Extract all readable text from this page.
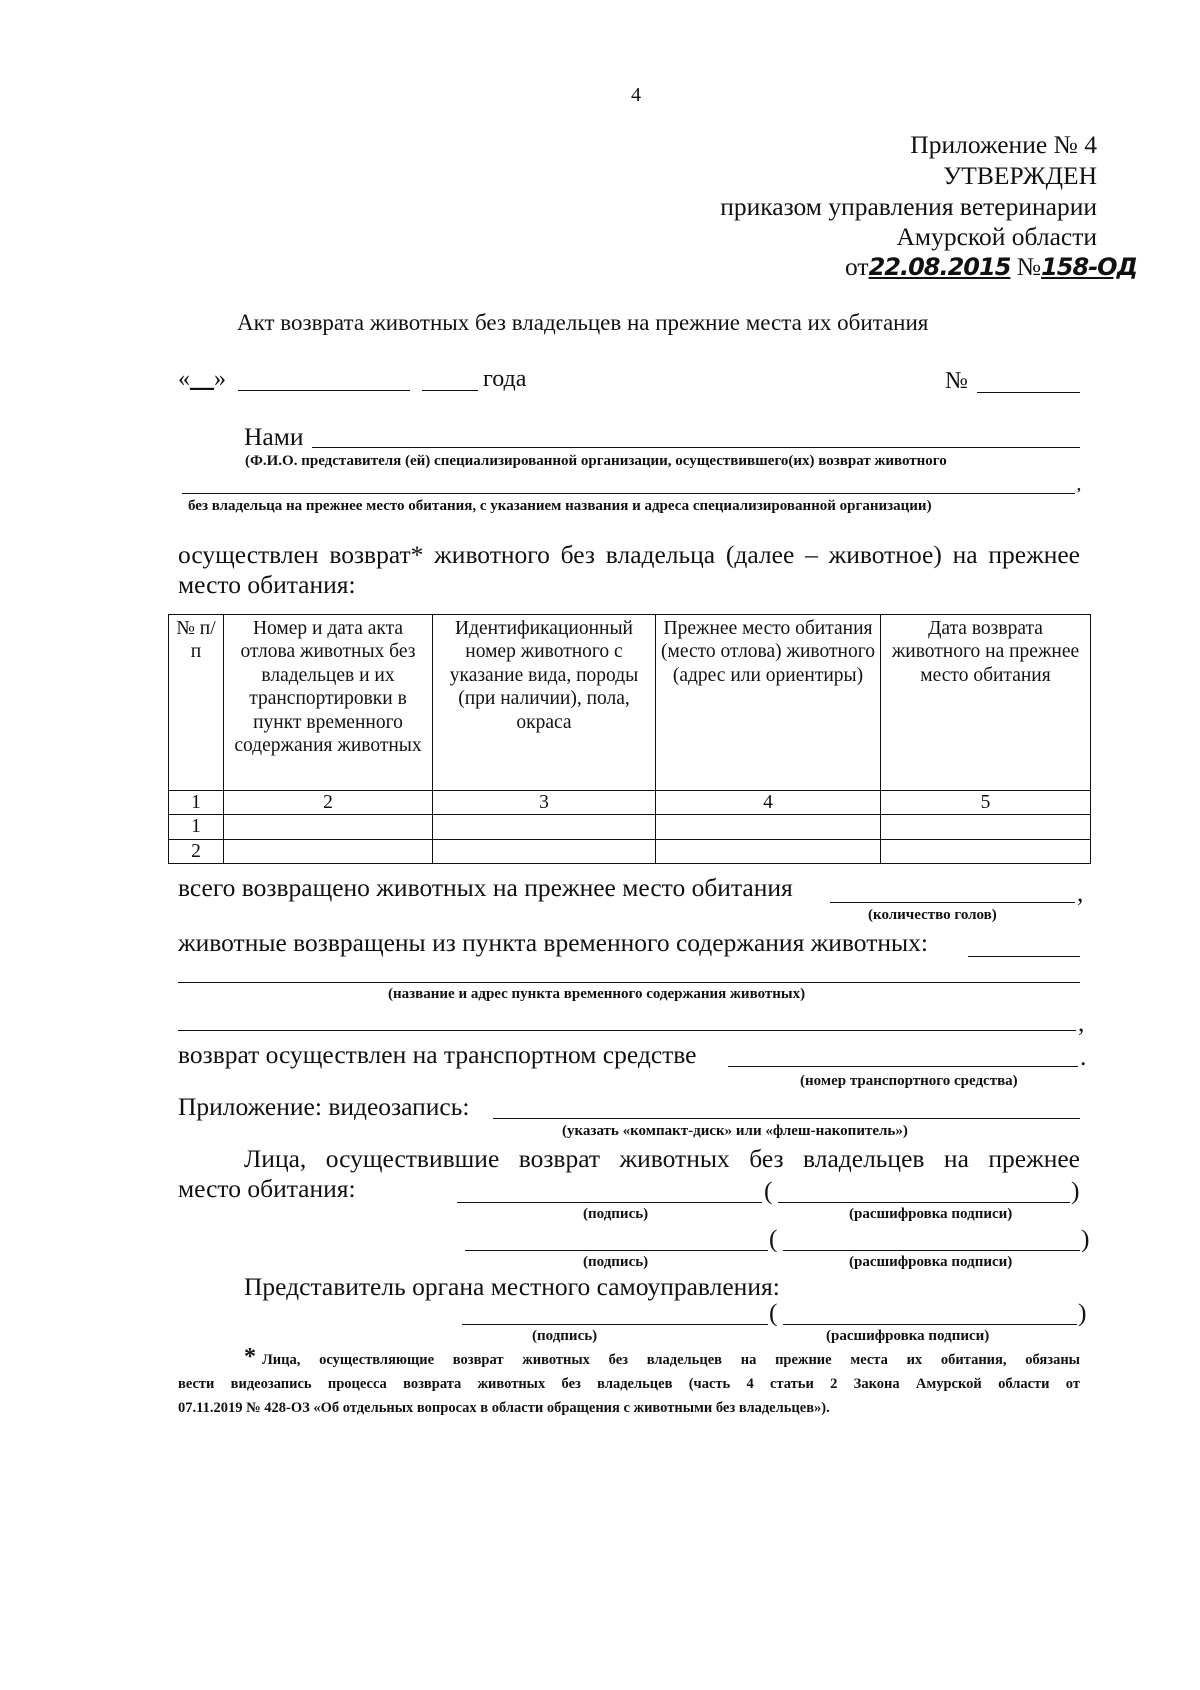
4
Приложение № 4
УТВЕРЖДЕН
приказом управления ветеринарии
Амурской области
от22.08.2015 №158-ОД
Акт возврата животных без владельцев на прежние места их обитания
«__»	года	№
Нами
(Ф.И.О. представителя (ей) специализированной организации, осуществившего(их) возврат животного
,
без владельца на прежнее место обитания, с указанием названия и адреса специализированной организации)
осуществлен возврат* животного без владельца (далее – животное) на прежнее
место обитания:
№ п/п	Номер и дата акта отлова животных без владельцев и их транспортировки в пункт временного содержания животных	Идентификационный номер животного с указание вида, породы (при наличии), пола, окраса	Прежнее место обитания (место отлова) животного (адрес или ориентиры)	Дата возврата животного на прежнее место обитания
1	2	3	4	5
1				
2				
всего возвращено животных на прежнее место обитания	,
(количество голов)
животные возвращены из пункта временного содержания животных:
(название и адрес пункта временного содержания животных)
,
возврат осуществлен на транспортном средстве	.
(номер транспортного средства)
Приложение: видеозапись:
(указать «компакт-диск» или «флеш-накопитель»)
Лица, осуществившие возврат животных без владельцев на прежнее
место обитания:	(	)
(подпись)	(расшифровка подписи)
(	)
(подпись)	(расшифровка подписи)
Представитель органа местного самоуправления:
(	)
(подпись)	(расшифровка подписи)
* Лица, осуществляющие возврат животных без владельцев на прежние места их обитания, обязаны
вести видеозапись процесса возврата животных без владельцев (часть 4 статьи 2 Закона Амурской области от
07.11.2019 № 428-ОЗ «Об отдельных вопросах в области обращения с животными без владельцев»).
